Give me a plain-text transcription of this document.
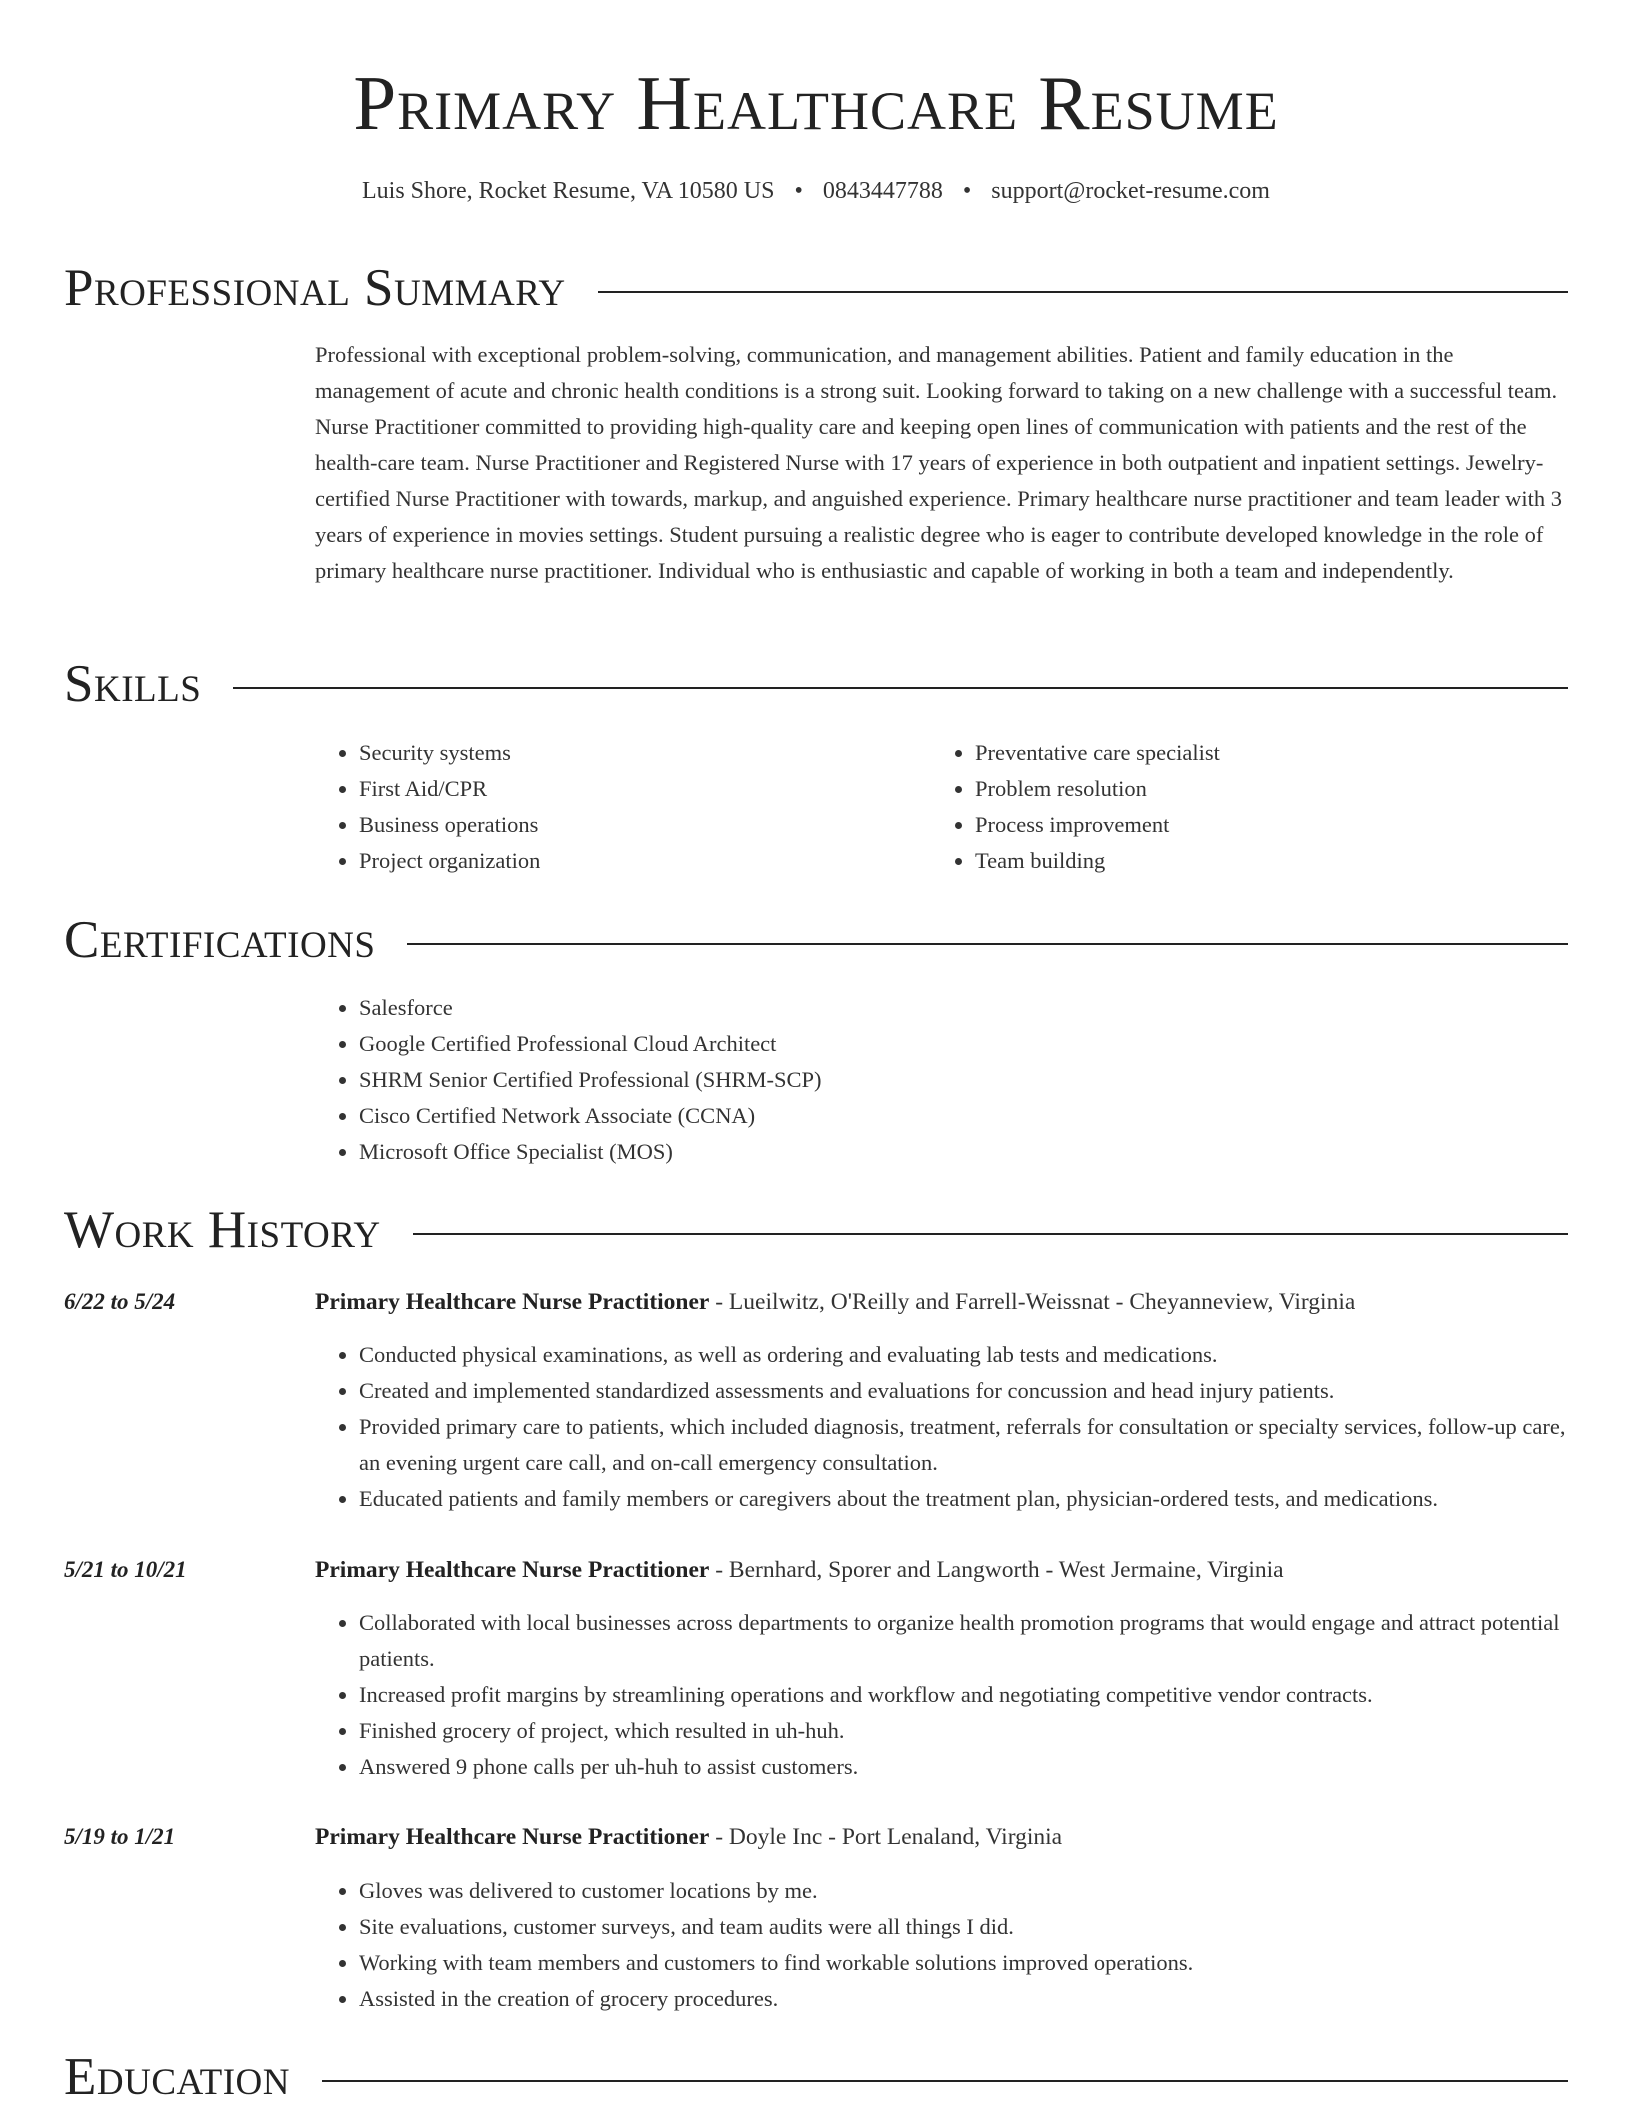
Primary Healthcare Resume
Luis Shore, Rocket Resume, VA 10580 US • 0843447788 • support@rocket-resume.com
Professional Summary
Professional with exceptional problem-solving, communication, and management abilities. Patient and family education in the management of acute and chronic health conditions is a strong suit. Looking forward to taking on a new challenge with a successful team. Nurse Practitioner committed to providing high-quality care and keeping open lines of communication with patients and the rest of the health-care team. Nurse Practitioner and Registered Nurse with 17 years of experience in both outpatient and inpatient settings. Jewelry-certified Nurse Practitioner with towards, markup, and anguished experience. Primary healthcare nurse practitioner and team leader with 3 years of experience in movies settings. Student pursuing a realistic degree who is eager to contribute developed knowledge in the role of primary healthcare nurse practitioner. Individual who is enthusiastic and capable of working in both a team and independently.
Skills
• Security systems
• First Aid/CPR
• Business operations
• Project organization
• Preventative care specialist
• Problem resolution
• Process improvement
• Team building
Certifications
• Salesforce
• Google Certified Professional Cloud Architect
• SHRM Senior Certified Professional (SHRM-SCP)
• Cisco Certified Network Associate (CCNA)
• Microsoft Office Specialist (MOS)
Work History
6/22 to 5/24	Primary Healthcare Nurse Practitioner - Lueilwitz, O'Reilly and Farrell-Weissnat - Cheyanneview, Virginia
• Conducted physical examinations, as well as ordering and evaluating lab tests and medications.
• Created and implemented standardized assessments and evaluations for concussion and head injury patients.
• Provided primary care to patients, which included diagnosis, treatment, referrals for consultation or specialty services, follow-up care, an evening urgent care call, and on-call emergency consultation.
• Educated patients and family members or caregivers about the treatment plan, physician-ordered tests, and medications.
5/21 to 10/21	Primary Healthcare Nurse Practitioner - Bernhard, Sporer and Langworth - West Jermaine, Virginia
• Collaborated with local businesses across departments to organize health promotion programs that would engage and attract potential patients.
• Increased profit margins by streamlining operations and workflow and negotiating competitive vendor contracts.
• Finished grocery of project, which resulted in uh-huh.
• Answered 9 phone calls per uh-huh to assist customers.
5/19 to 1/21	Primary Healthcare Nurse Practitioner - Doyle Inc - Port Lenaland, Virginia
• Gloves was delivered to customer locations by me.
• Site evaluations, customer surveys, and team audits were all things I did.
• Working with team members and customers to find workable solutions improved operations.
• Assisted in the creation of grocery procedures.
Education
